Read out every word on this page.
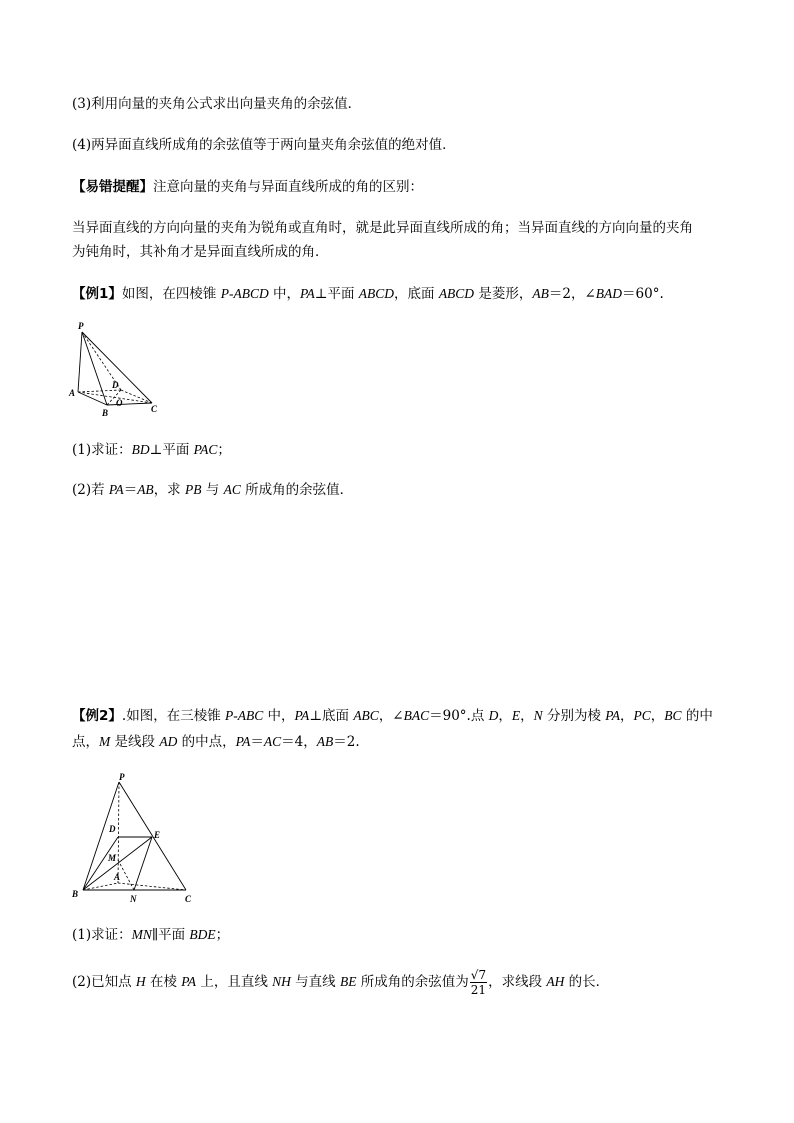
(3)利用向量的夹角公式求出向量夹角的余弦值．
(4)两异面直线所成角的余弦值等于两向量夹角余弦值的绝对值．
【易错提醒】注意向量的夹角与异面直线所成的角的区别：
当异面直线的方向向量的夹角为锐角或直角时，就是此异面直线所成的角；当异面直线的方向向量的夹角
为钝角时，其补角才是异面直线所成的角．
【例1】如图，在四棱锥 P-ABCD 中，PA⊥平面 ABCD，底面 ABCD 是菱形，AB＝2，∠BAD＝60°.
P
A
B	C
D
O
(1)求证：BD⊥平面 PAC；
(2)若 PA＝AB，求 PB 与 AC 所成角的余弦值．
【例2】.如图，在三棱锥 P-ABC 中，PA⊥底面 ABC，∠BAC＝90°.点 D，E，N 分别为棱 PA，PC，BC 的中
点，M 是线段 AD 的中点，PA＝AC＝4，AB＝2.
P
D
E
M
A
B	N	C
(1)求证：MN∥平面 BDE；
(2)已知点 H 在棱 PA 上，且直线 NH 与直线 BE 所成角的余弦值为 $\frac{√7}{21}$ ，求线段 AH 的长．
